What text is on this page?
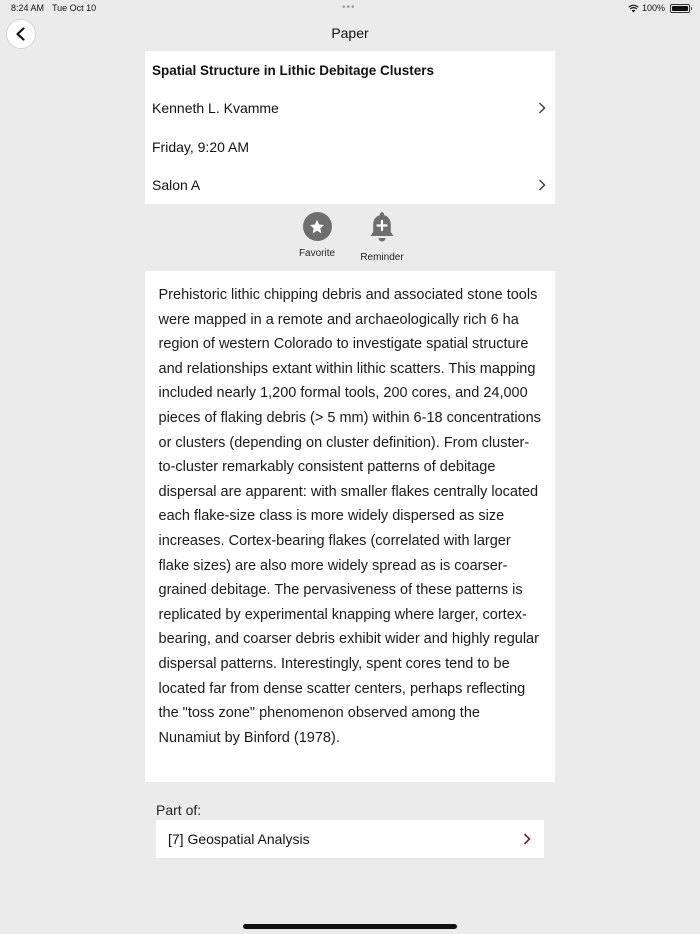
8:24 AM Tue Oct 10	•••	100%
Paper
Spatial Structure in Lithic Debitage Clusters
Kenneth L. Kvamme
Friday, 9:20 AM
Salon A
Favorite	Reminder
Prehistoric lithic chipping debris and associated stone tools were mapped in a remote and archaeologically rich 6 ha region of western Colorado to investigate spatial structure and relationships extant within lithic scatters. This mapping included nearly 1,200 formal tools, 200 cores, and 24,000 pieces of flaking debris (> 5 mm) within 6-18 concentrations or clusters (depending on cluster definition). From cluster-to-cluster remarkably consistent patterns of debitage dispersal are apparent: with smaller flakes centrally located each flake-size class is more widely dispersed as size increases. Cortex-bearing flakes (correlated with larger flake sizes) are also more widely spread as is coarser-grained debitage. The pervasiveness of these patterns is replicated by experimental knapping where larger, cortex-bearing, and coarser debris exhibit wider and highly regular dispersal patterns. Interestingly, spent cores tend to be located far from dense scatter centers, perhaps reflecting the "toss zone" phenomenon observed among the Nunamiut by Binford (1978).
Part of:
[7] Geospatial Analysis
